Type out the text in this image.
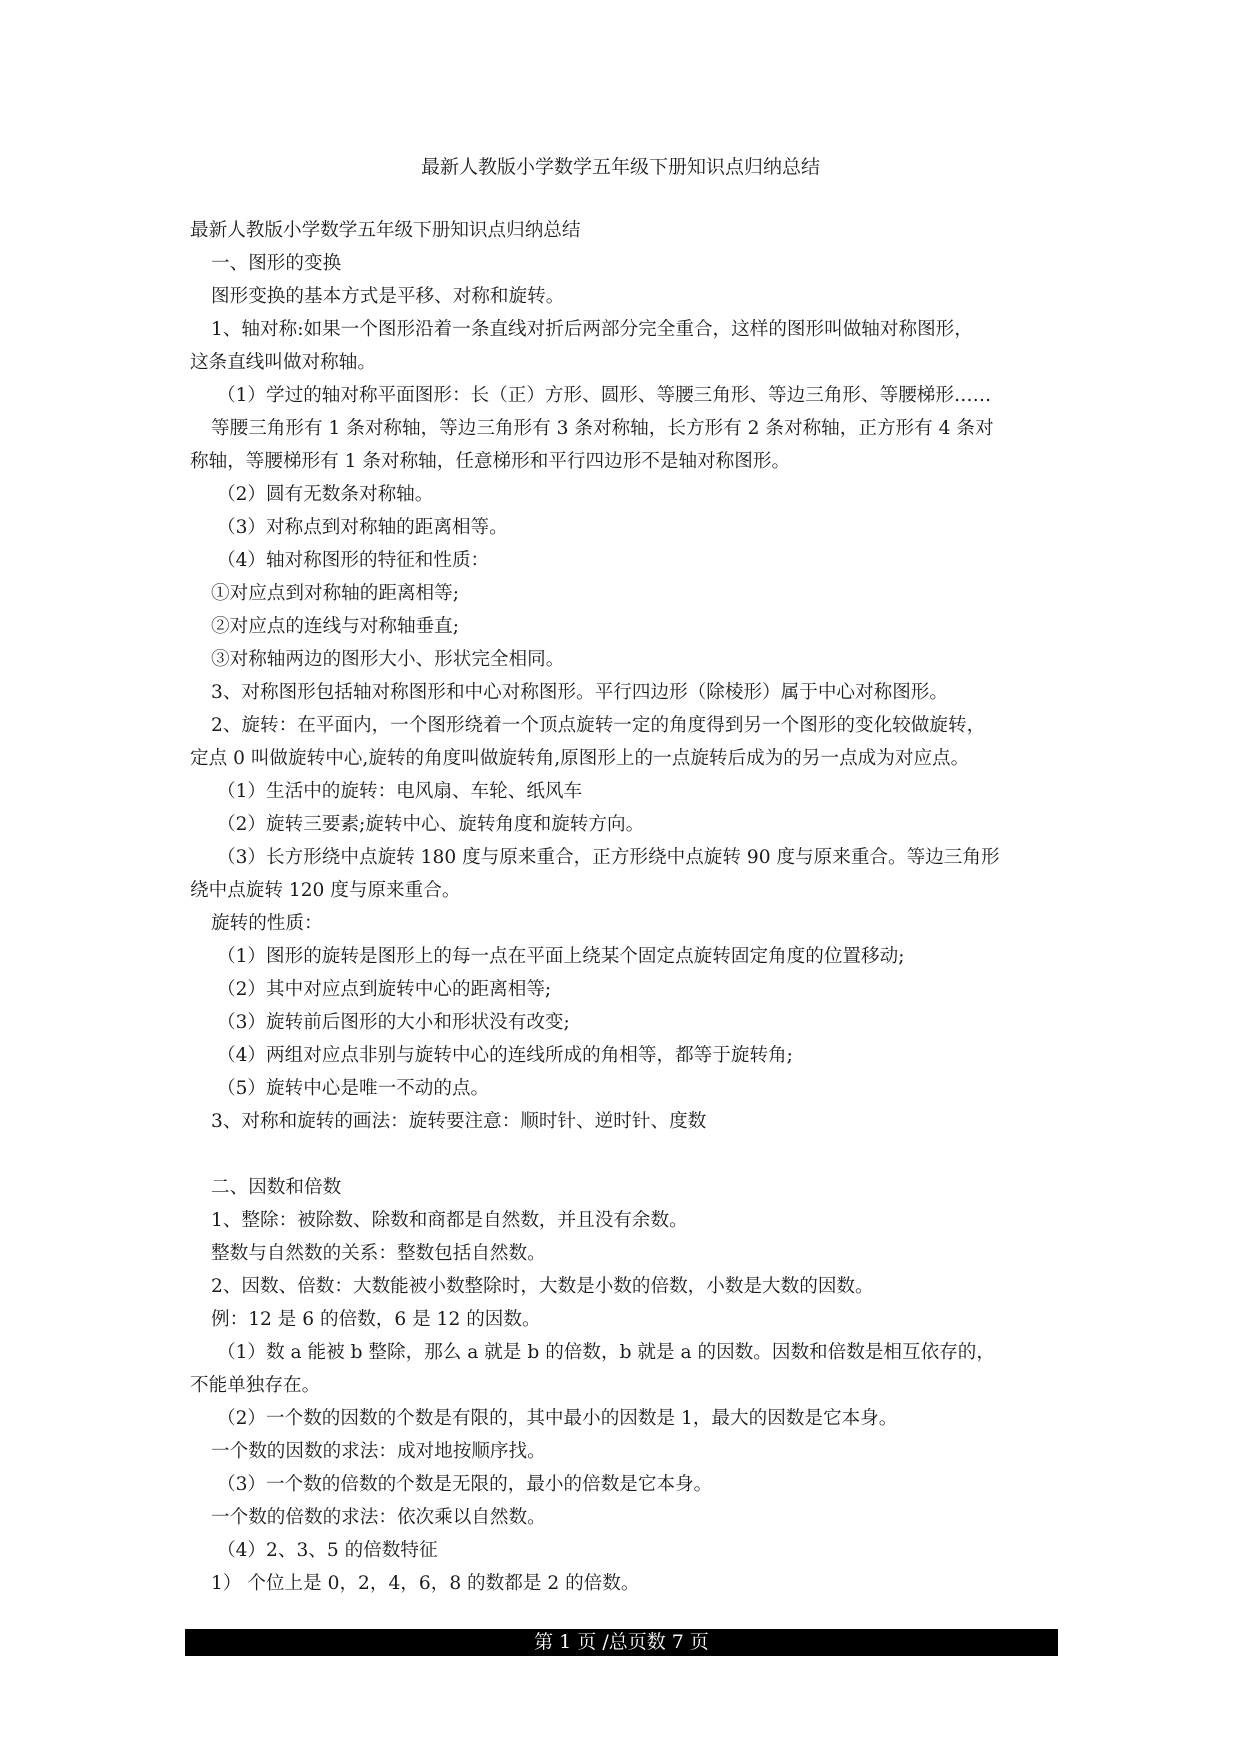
最新人教版小学数学五年级下册知识点归纳总结
最新人教版小学数学五年级下册知识点归纳总结
一、图形的变换
图形变换的基本方式是平移、对称和旋转。
1、轴对称:如果一个图形沿着一条直线对折后两部分完全重合，这样的图形叫做轴对称图形，
这条直线叫做对称轴。
（1）学过的轴对称平面图形：长（正）方形、圆形、等腰三角形、等边三角形、等腰梯形……
等腰三角形有 1 条对称轴，等边三角形有 3 条对称轴，长方形有 2 条对称轴，正方形有 4 条对
称轴，等腰梯形有 1 条对称轴，任意梯形和平行四边形不是轴对称图形。
（2）圆有无数条对称轴。
（3）对称点到对称轴的距离相等。
（4）轴对称图形的特征和性质：
①对应点到对称轴的距离相等;
②对应点的连线与对称轴垂直;
③对称轴两边的图形大小、形状完全相同。
3、对称图形包括轴对称图形和中心对称图形。平行四边形（除棱形）属于中心对称图形。
2、旋转：在平面内，一个图形绕着一个顶点旋转一定的角度得到另一个图形的变化较做旋转，
定点 0 叫做旋转中心,旋转的角度叫做旋转角,原图形上的一点旋转后成为的另一点成为对应点。
（1）生活中的旋转：电风扇、车轮、纸风车
（2）旋转三要素;旋转中心、旋转角度和旋转方向。
（3）长方形绕中点旋转 180 度与原来重合，正方形绕中点旋转 90 度与原来重合。等边三角形
绕中点旋转 120 度与原来重合。
旋转的性质：
（1）图形的旋转是图形上的每一点在平面上绕某个固定点旋转固定角度的位置移动;
（2）其中对应点到旋转中心的距离相等;
（3）旋转前后图形的大小和形状没有改变;
（4）两组对应点非别与旋转中心的连线所成的角相等，都等于旋转角;
（5）旋转中心是唯一不动的点。
3、对称和旋转的画法：旋转要注意：顺时针、逆时针、度数
二、因数和倍数
1、整除：被除数、除数和商都是自然数，并且没有余数。
整数与自然数的关系：整数包括自然数。
2、因数、倍数：大数能被小数整除时，大数是小数的倍数，小数是大数的因数。
例：12 是 6 的倍数，6 是 12 的因数。
（1）数 a 能被 b 整除，那么 a 就是 b 的倍数，b 就是 a 的因数。因数和倍数是相互依存的，
不能单独存在。
（2）一个数的因数的个数是有限的，其中最小的因数是 1，最大的因数是它本身。
一个数的因数的求法：成对地按顺序找。
（3）一个数的倍数的个数是无限的，最小的倍数是它本身。
一个数的倍数的求法：依次乘以自然数。
（4）2、3、5 的倍数特征
1） 个位上是 0，2，4，6，8 的数都是 2 的倍数。
第 1 页 /总页数 7 页
